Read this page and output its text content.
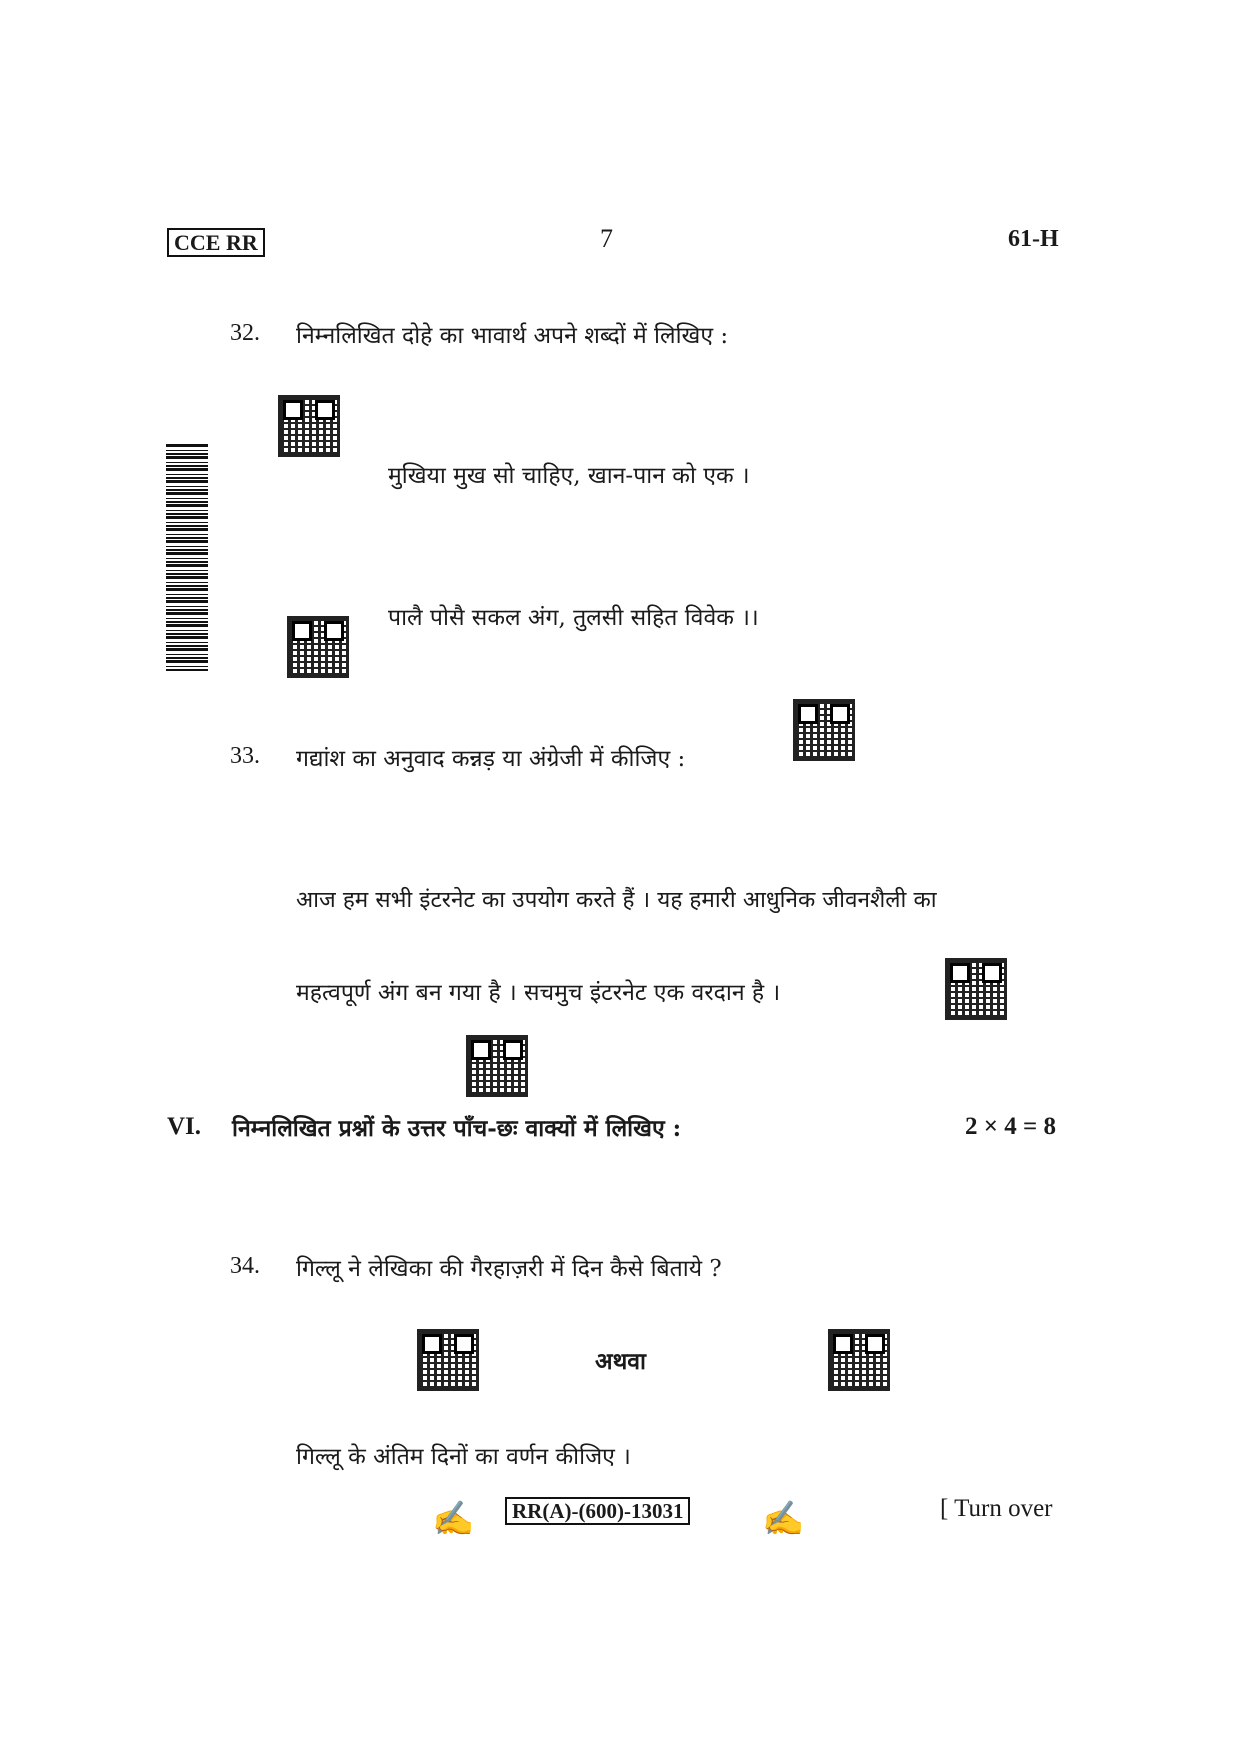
CCE RR	7	61-H
32. निम्नलिखित दोहे का भावार्थ अपने शब्दों में लिखिए :
मुखिया मुख सो चाहिए, खान-पान को एक ।
पालै पोसै सकल अंग, तुलसी सहित विवेक ।।
33. गद्यांश का अनुवाद कन्नड़ या अंग्रेजी में कीजिए :
आज हम सभी इंटरनेट का उपयोग करते हैं । यह हमारी आधुनिक जीवनशैली का
महत्वपूर्ण अंग बन गया है । सचमुच इंटरनेट एक वरदान है ।
VI. निम्नलिखित प्रश्नों के उत्तर पाँच-छः वाक्यों में लिखिए :	2 × 4 = 8
34. गिल्लू ने लेखिका की गैरहाज़री में दिन कैसे बिताये ?
अथवा
गिल्लू के अंतिम दिनों का वर्णन कीजिए ।
✍	RR(A)-(600)-13031 ✍	[ Turn over
